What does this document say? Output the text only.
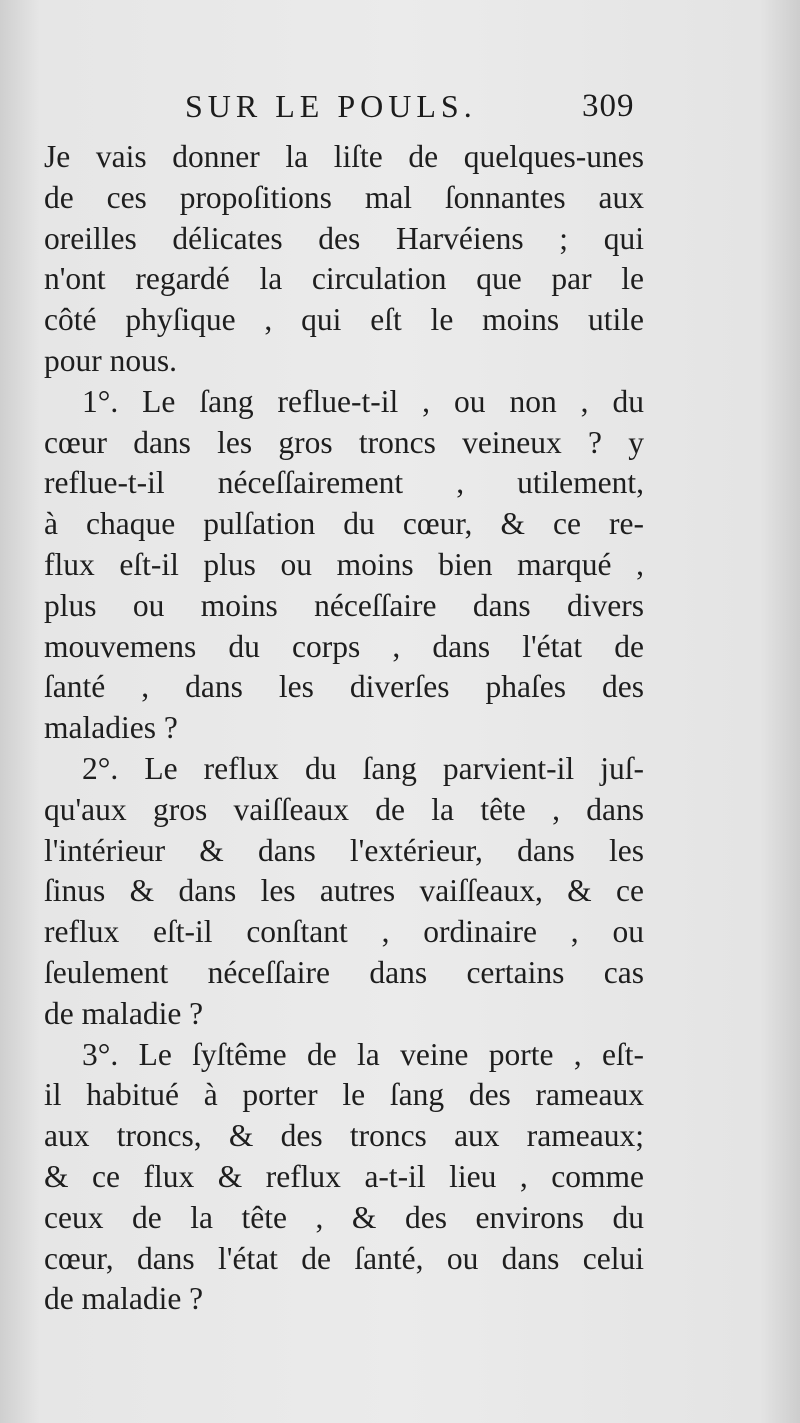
SUR LE POULS.	309
Je vais donner la liſte de quelques-unes
de ces propoſitions mal ſonnantes aux
oreilles délicates des Harvéiens ; qui
n'ont regardé la circulation que par le
côté phyſique , qui eſt le moins utile
pour nous.
1°. Le ſang reflue-t-il , ou non , du
cœur dans les gros troncs veineux ? y
reflue-t-il néceſſairement , utilement,
à chaque pulſation du cœur, & ce re-
flux eſt-il plus ou moins bien marqué ,
plus ou moins néceſſaire dans divers
mouvemens du corps , dans l'état de
ſanté , dans les diverſes phaſes des
maladies ?
2°. Le reflux du ſang parvient-il juſ-
qu'aux gros vaiſſeaux de la tête , dans
l'intérieur & dans l'extérieur, dans les
ſinus & dans les autres vaiſſeaux, & ce
reflux eſt-il conſtant , ordinaire , ou
ſeulement néceſſaire dans certains cas
de maladie ?
3°. Le ſyſtême de la veine porte , eſt-
il habitué à porter le ſang des rameaux
aux troncs, & des troncs aux rameaux;
& ce flux & reflux a-t-il lieu , comme
ceux de la tête , & des environs du
cœur, dans l'état de ſanté, ou dans celui
de maladie ?
